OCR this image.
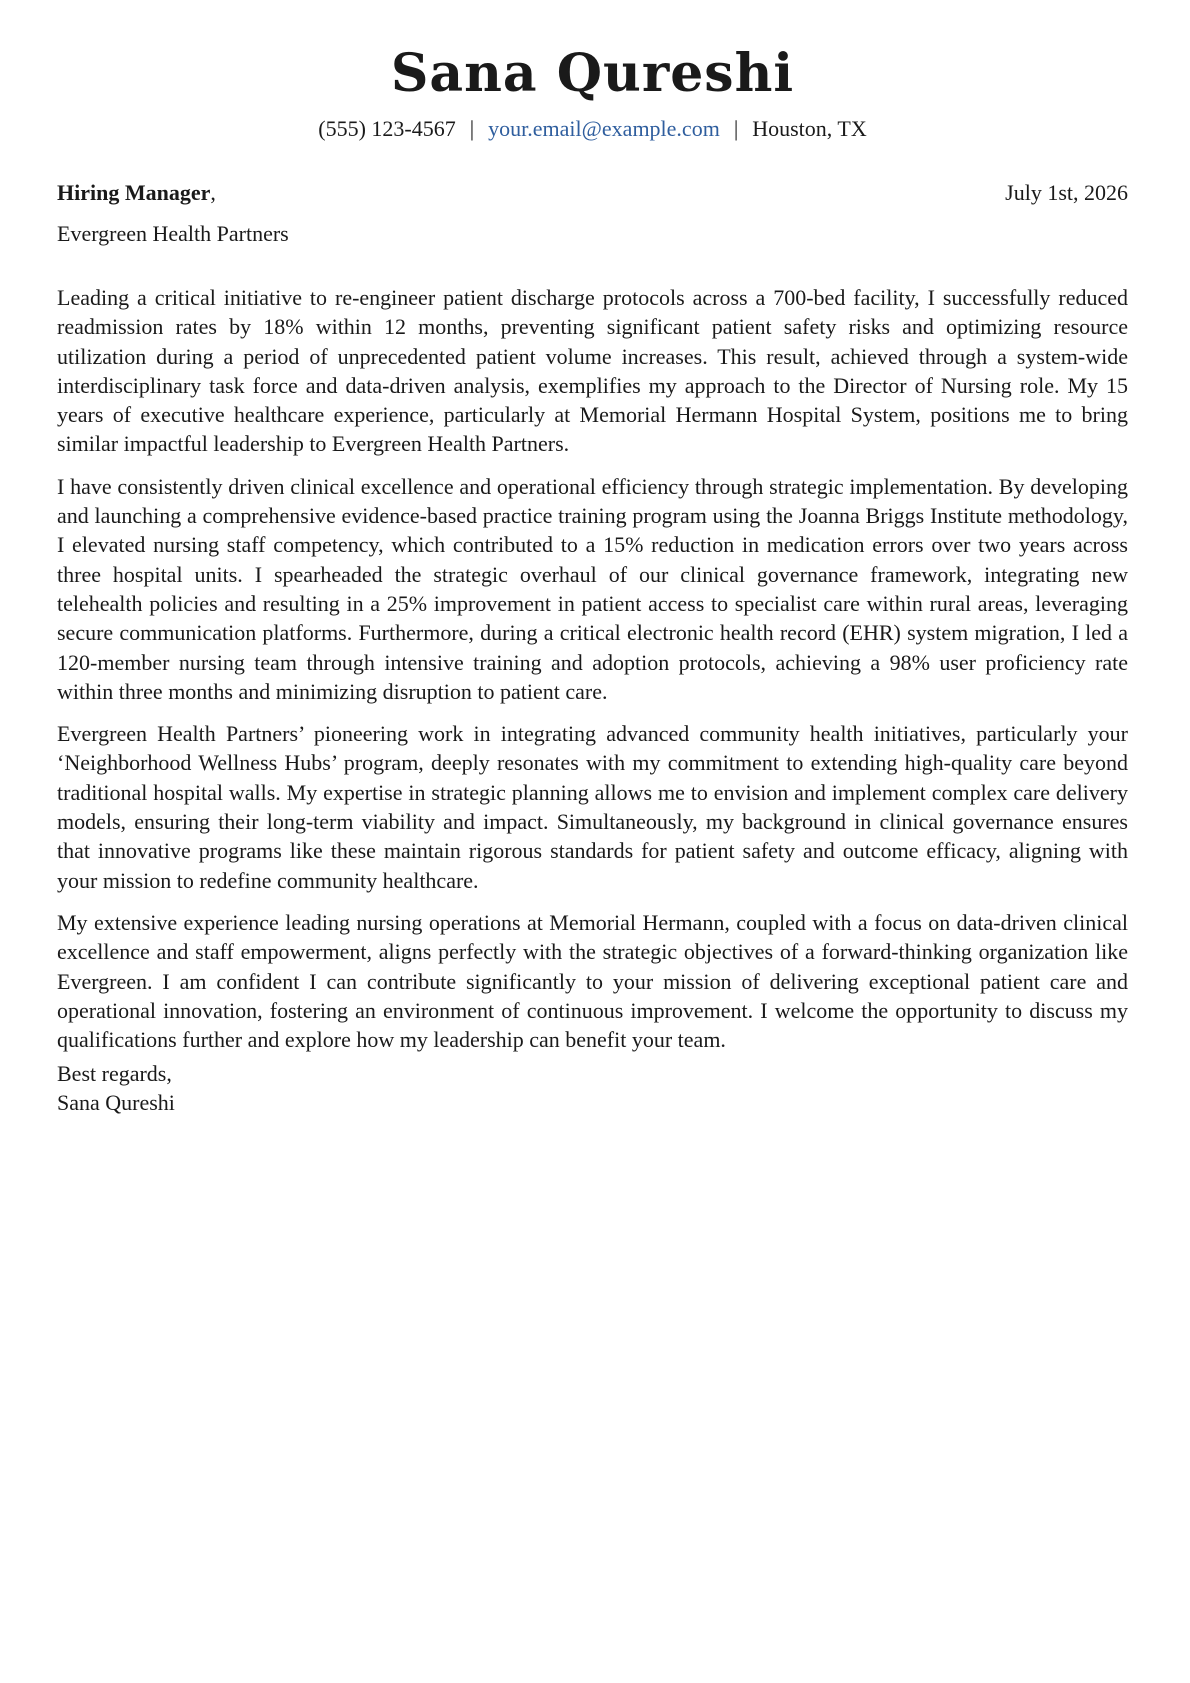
Sana Qureshi
(555) 123-4567 | your.email@example.com | Houston, TX
Hiring Manager,	July 1st, 2026
Evergreen Health Partners

Leading a critical initiative to re-engineer patient discharge protocols across a 700-bed facility, I successfully reduced readmission rates by 18% within 12 months, preventing significant patient safety risks and optimizing resource utilization during a period of unprecedented patient volume increases. This result, achieved through a system-wide interdisciplinary task force and data-driven analysis, exemplifies my approach to the Director of Nursing role. My 15 years of executive healthcare experience, particularly at Memorial Hermann Hospital System, positions me to bring similar impactful leadership to Evergreen Health Partners.

I have consistently driven clinical excellence and operational efficiency through strategic implementation. By developing and launching a comprehensive evidence-based practice training program using the Joanna Briggs Institute methodology, I elevated nursing staff competency, which contributed to a 15% reduction in medication errors over two years across three hospital units. I spearheaded the strategic overhaul of our clinical governance framework, integrating new telehealth policies and resulting in a 25% improvement in patient access to specialist care within rural areas, leveraging secure communication platforms. Furthermore, during a critical electronic health record (EHR) system migration, I led a 120-member nursing team through intensive training and adoption protocols, achieving a 98% user proficiency rate within three months and minimizing disruption to patient care.

Evergreen Health Partners’ pioneering work in integrating advanced community health initiatives, particularly your ‘Neighborhood Wellness Hubs’ program, deeply resonates with my commitment to extending high-quality care beyond traditional hospital walls. My expertise in strategic planning allows me to envision and implement complex care delivery models, ensuring their long-term viability and impact. Simultaneously, my background in clinical governance ensures that innovative programs like these maintain rigorous standards for patient safety and outcome efficacy, aligning with your mission to redefine community healthcare.

My extensive experience leading nursing operations at Memorial Hermann, coupled with a focus on data-driven clinical excellence and staff empowerment, aligns perfectly with the strategic objectives of a forward-thinking organization like Evergreen. I am confident I can contribute significantly to your mission of delivering exceptional patient care and operational innovation, fostering an environment of continuous improvement. I welcome the opportunity to discuss my qualifications further and explore how my leadership can benefit your team.

Best regards,
Sana Qureshi
